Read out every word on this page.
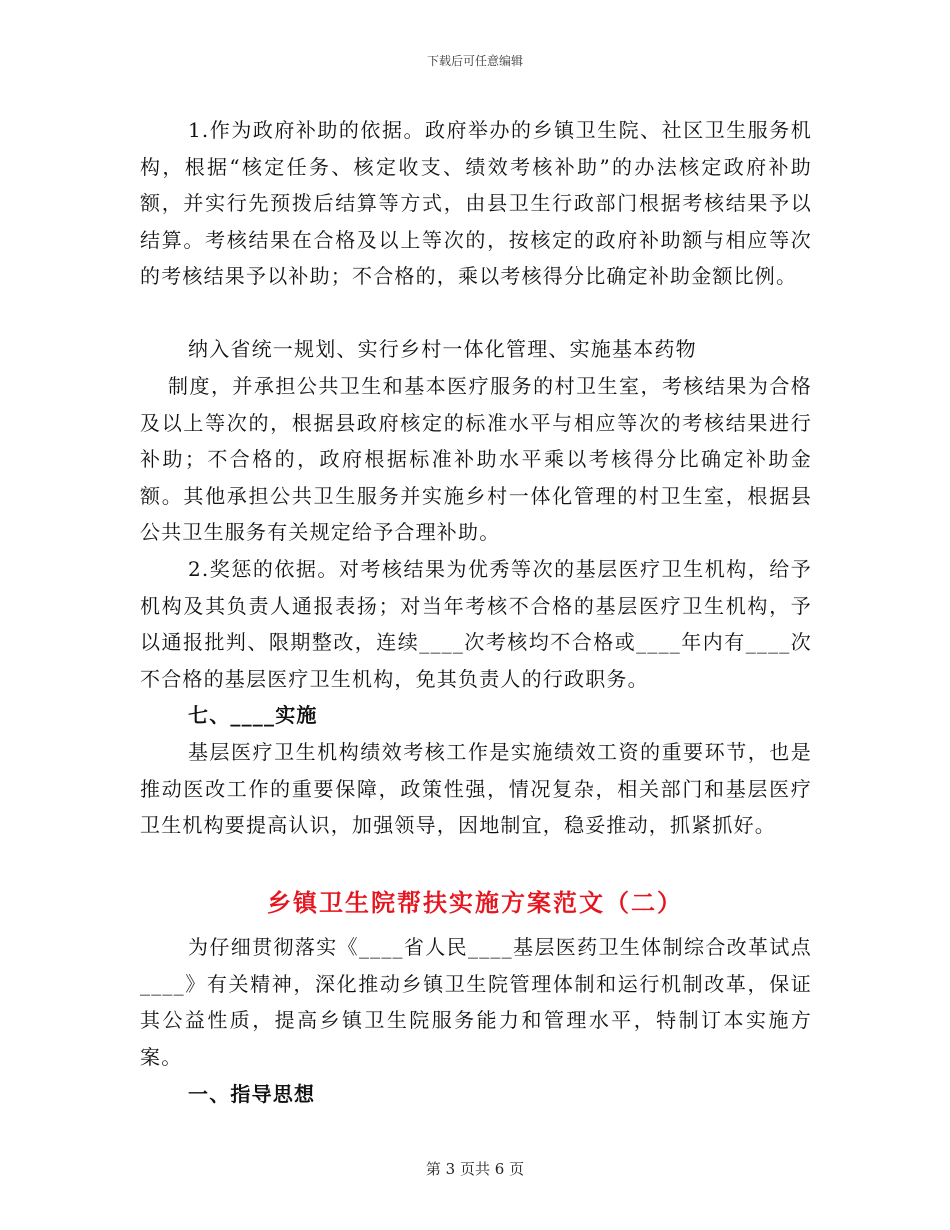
下载后可任意编辑

1.作为政府补助的依据。政府举办的乡镇卫生院、社区卫生服务机构，根据“核定任务、核定收支、绩效考核补助”的办法核定政府补助额，并实行先预拨后结算等方式，由县卫生行政部门根据考核结果予以结算。考核结果在合格及以上等次的，按核定的政府补助额与相应等次的考核结果予以补助；不合格的，乘以考核得分比确定补助金额比例。

纳入省统一规划、实行乡村一体化管理、实施基本药物

制度，并承担公共卫生和基本医疗服务的村卫生室，考核结果为合格及以上等次的，根据县政府核定的标准水平与相应等次的考核结果进行补助；不合格的，政府根据标准补助水平乘以考核得分比确定补助金额。其他承担公共卫生服务并实施乡村一体化管理的村卫生室，根据县公共卫生服务有关规定给予合理补助。

2.奖惩的依据。对考核结果为优秀等次的基层医疗卫生机构，给予机构及其负责人通报表扬；对当年考核不合格的基层医疗卫生机构，予以通报批判、限期整改，连续____次考核均不合格或____年内有____次不合格的基层医疗卫生机构，免其负责人的行政职务。

七、____实施

基层医疗卫生机构绩效考核工作是实施绩效工资的重要环节，也是推动医改工作的重要保障，政策性强，情况复杂，相关部门和基层医疗卫生机构要提高认识，加强领导，因地制宜，稳妥推动，抓紧抓好。

乡镇卫生院帮扶实施方案范文（二）

为仔细贯彻落实《____省人民____基层医药卫生体制综合改革试点____》有关精神，深化推动乡镇卫生院管理体制和运行机制改革，保证其公益性质，提高乡镇卫生院服务能力和管理水平，特制订本实施方案。

一、指导思想

第 3 页共 6 页
